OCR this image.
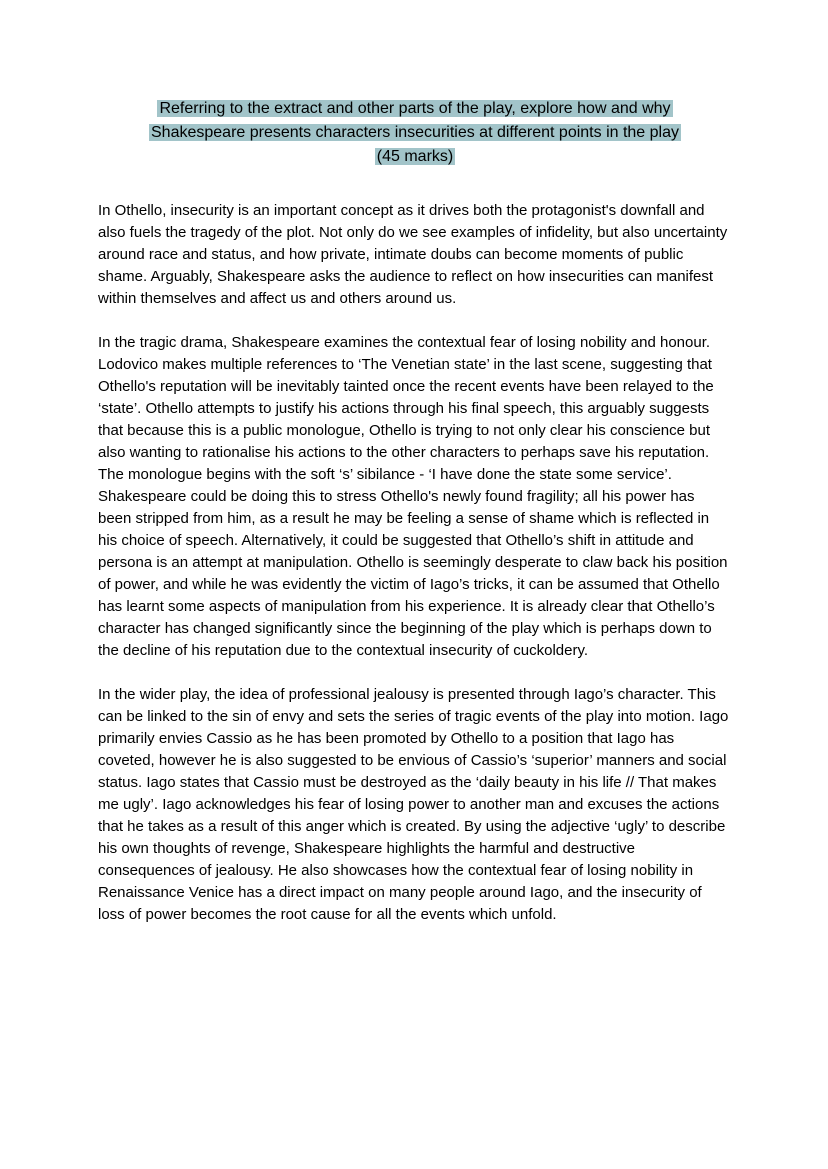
Referring to the extract and other parts of the play, explore how and why
Shakespeare presents characters insecurities at different points in the play
(45 marks)

In Othello, insecurity is an important concept as it drives both the protagonist's downfall and also fuels the tragedy of the plot. Not only do we see examples of infidelity, but also uncertainty around race and status, and how private, intimate doubs can become moments of public shame. Arguably, Shakespeare asks the audience to reflect on how insecurities can manifest within themselves and affect us and others around us.

In the tragic drama, Shakespeare examines the contextual fear of losing nobility and honour. Lodovico makes multiple references to ‘The Venetian state’ in the last scene, suggesting that Othello's reputation will be inevitably tainted once the recent events have been relayed to the ‘state’. Othello attempts to justify his actions through his final speech, this arguably suggests that because this is a public monologue, Othello is trying to not only clear his conscience but also wanting to rationalise his actions to the other characters to perhaps save his reputation. The monologue begins with the soft ‘s’ sibilance - ‘I have done the state some service’. Shakespeare could be doing this to stress Othello's newly found fragility; all his power has been stripped from him, as a result he may be feeling a sense of shame which is reflected in his choice of speech. Alternatively, it could be suggested that Othello’s shift in attitude and persona is an attempt at manipulation. Othello is seemingly desperate to claw back his position of power, and while he was evidently the victim of Iago’s tricks, it can be assumed that Othello has learnt some aspects of manipulation from his experience. It is already clear that Othello’s character has changed significantly since the beginning of the play which is perhaps down to the decline of his reputation due to the contextual insecurity of cuckoldery.

In the wider play, the idea of professional jealousy is presented through Iago’s character. This can be linked to the sin of envy and sets the series of tragic events of the play into motion. Iago primarily envies Cassio as he has been promoted by Othello to a position that Iago has coveted, however he is also suggested to be envious of Cassio’s ‘superior’ manners and social status. Iago states that Cassio must be destroyed as the ‘daily beauty in his life // That makes me ugly’. Iago acknowledges his fear of losing power to another man and excuses the actions that he takes as a result of this anger which is created. By using the adjective ‘ugly’ to describe his own thoughts of revenge, Shakespeare highlights the harmful and destructive consequences of jealousy. He also showcases how the contextual fear of losing nobility in Renaissance Venice has a direct impact on many people around Iago, and the insecurity of loss of power becomes the root cause for all the events which unfold.
